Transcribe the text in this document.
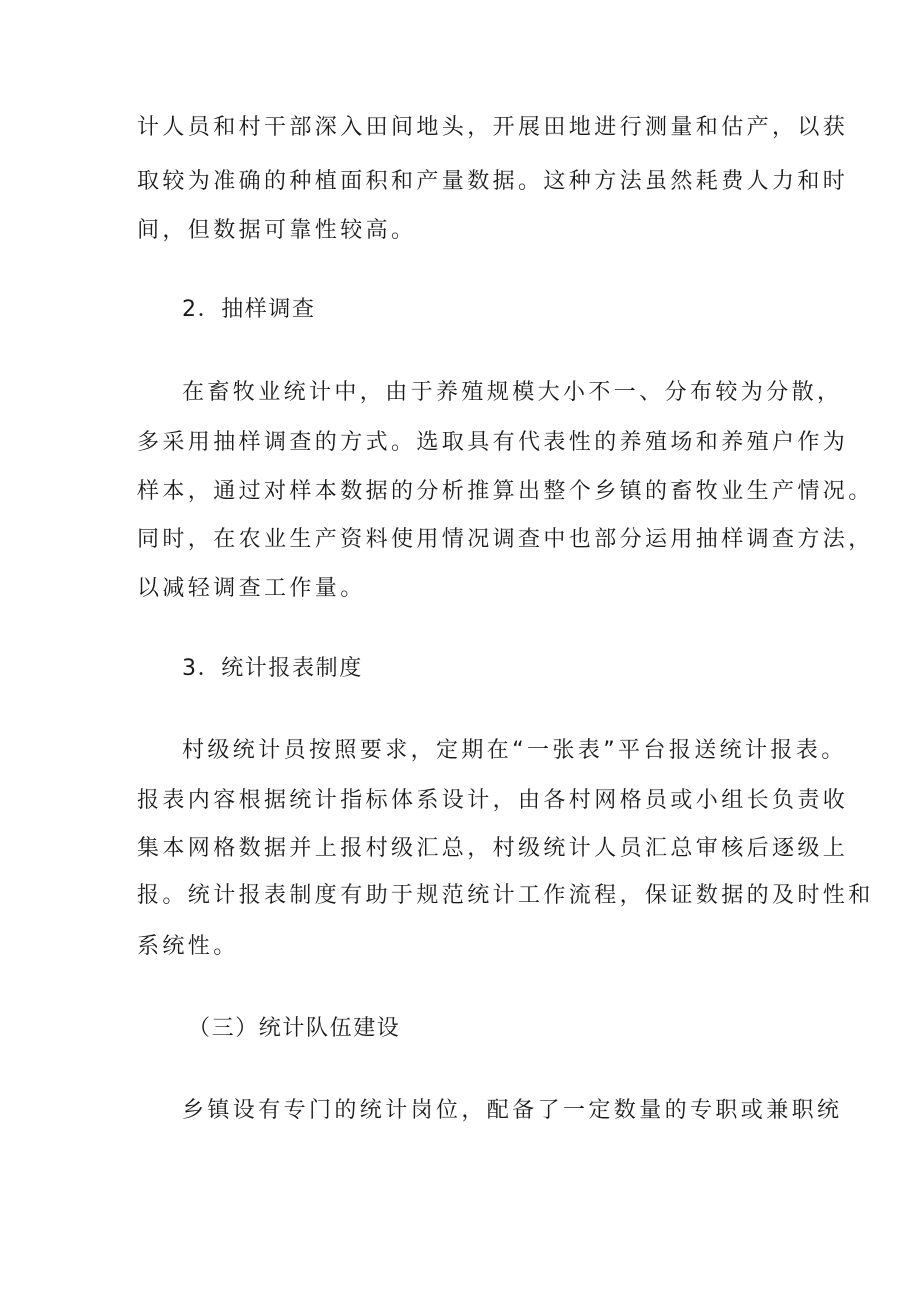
计人员和村干部深入田间地头，开展田地进行测量和估产，以获
取较为准确的种植面积和产量数据。这种方法虽然耗费人力和时
间，但数据可靠性较高。
2．抽样调查
在畜牧业统计中，由于养殖规模大小不一、分布较为分散，
多采用抽样调查的方式。选取具有代表性的养殖场和养殖户作为
样本，通过对样本数据的分析推算出整个乡镇的畜牧业生产情况。
同时，在农业生产资料使用情况调查中也部分运用抽样调查方法，
以减轻调查工作量。
3．统计报表制度
村级统计员按照要求，定期在“一张表”平台报送统计报表。
报表内容根据统计指标体系设计，由各村网格员或小组长负责收
集本网格数据并上报村级汇总，村级统计人员汇总审核后逐级上
报。统计报表制度有助于规范统计工作流程，保证数据的及时性和
系统性。
（三）统计队伍建设
乡镇设有专门的统计岗位，配备了一定数量的专职或兼职统
